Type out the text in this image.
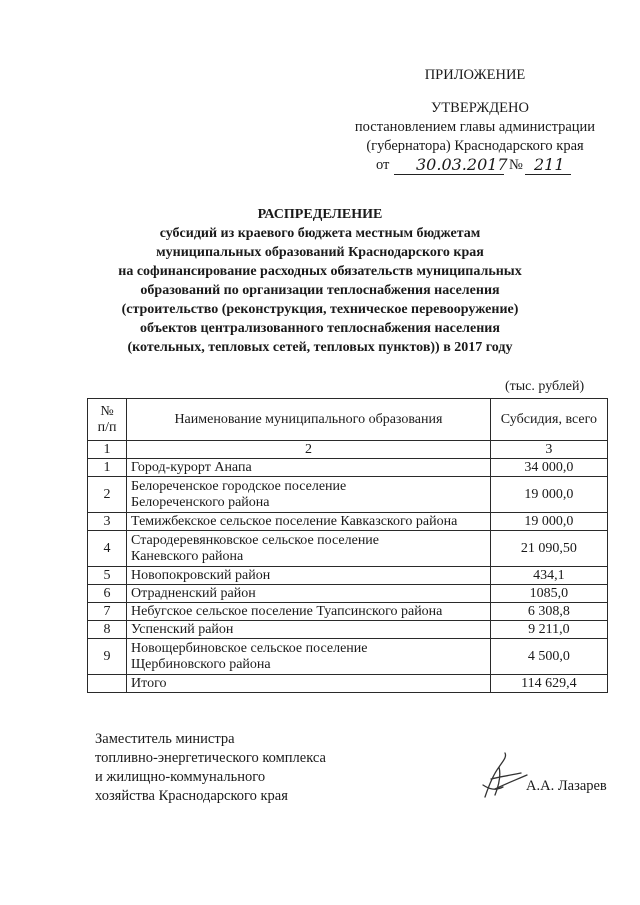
ПРИЛОЖЕНИЕ
УТВЕРЖДЕНО
постановлением главы администрации
(губернатора) Краснодарского края
от 30.03.2017 № 211
РАСПРЕДЕЛЕНИЕ
субсидий из краевого бюджета местным бюджетам
муниципальных образований Краснодарского края
на софинансирование расходных обязательств муниципальных
образований по организации теплоснабжения населения
(строительство (реконструкция, техническое перевооружение)
объектов централизованного теплоснабжения населения
(котельных, тепловых сетей, тепловых пунктов)) в 2017 году
(тыс. рублей)
№
п/п	Наименование муниципального образования	Субсидия, всего
1	2	3
1	Город-курорт Анапа	34 000,0
2	Белореченское городское поселение
Белореченского района	19 000,0
3	Темижбекское сельское поселение Кавказского района	19 000,0
4	Стародеревянковское сельское поселение
Каневского района	21 090,50
5	Новопокровский район	434,1
6	Отрадненский район	1085,0
7	Небугское сельское поселение Туапсинского района	6 308,8
8	Успенский район	9 211,0
9	Новощербиновское сельское поселение
Щербиновского района	4 500,0
	Итого	114 629,4
Заместитель министра
топливно-энергетического комплекса
и жилищно-коммунального
хозяйства Краснодарского края
А.А. Лазарев
